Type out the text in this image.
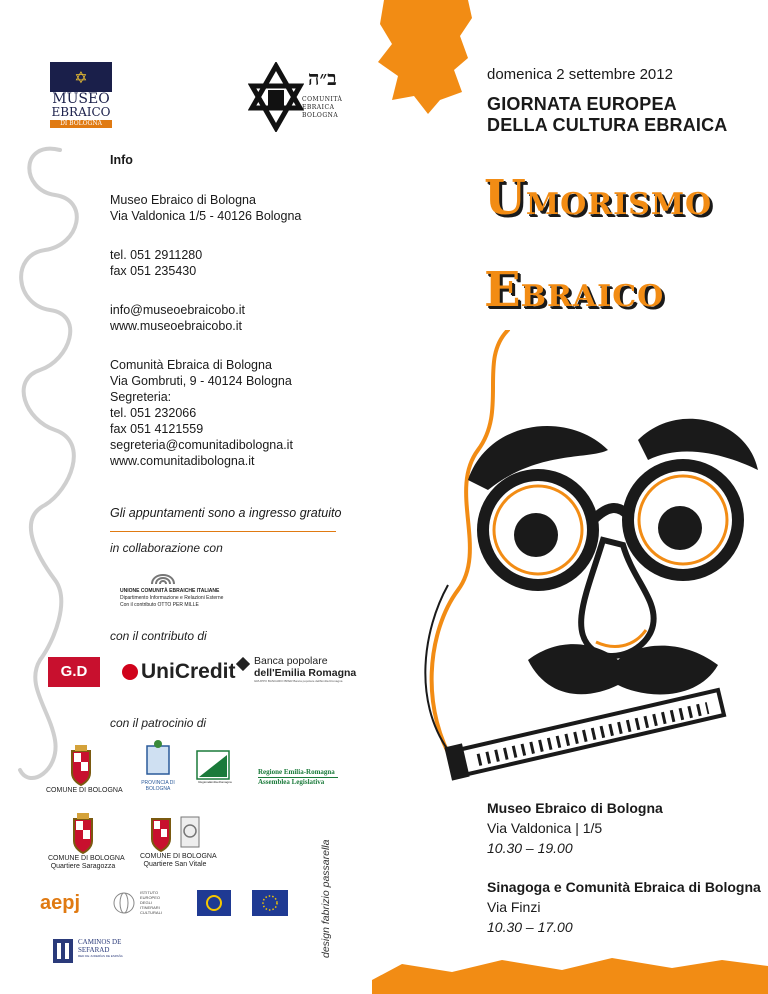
✡
MUSEO
EBRAICO
DI BOLOGNA
ב״ה
COMUNITÀ
EBRAICA
BOLOGNA
Info
Museo Ebraico di Bologna
Via Valdonica 1/5 - 40126 Bologna
tel. 051 2911280
fax 051 235430
info@museoebraicobo.it
www.museoebraicobo.it
Comunità Ebraica di Bologna
Via Gombruti, 9 - 40124 Bologna
Segreteria:
tel. 051 232066
fax 051 4121559
segreteria@comunitadibologna.it
www.comunitadibologna.it
Gli appuntamenti sono a ingresso gratuito
in collaborazione con
UNIONE COMUNITÀ EBRAICHE ITALIANE
Dipartimento Informazione e Relazioni Esterne
Con il contributo OTTO PER MILLE
con il contributo di
G.D	UniCredit Banca popolare
dell'Emilia Romagna
GRUPPO BANCARIO BPER Banca popolare dell'Emilia Romagna
con il patrocinio di
COMUNE DI BOLOGNA
PROVINCIA DI
BOLOGNA
RegioneEmilia-Romagna
Regione Emilia-Romagna
Assemblea Legislativa
COMUNE DI BOLOGNA
Quartiere Saragozza
COMUNE DI BOLOGNA
Quartiere San Vitale
aepj	ISTITUTO
EUROPEO
DEGLI
ITINERARI
CULTURALI
CAMINOS DE
SEFARAD
RED DE JUDERÍAS DE ESPAÑA	design fabrizio passarella
domenica 2 settembre 2012
GIORNATA EUROPEA
DELLA CULTURA EBRAICA
UMORISMO
EBRAICO
Museo Ebraico di Bologna
Via Valdonica | 1/5
10.30 – 19.00
Sinagoga e Comunità Ebraica di Bologna
Via Finzi
10.30 – 17.00
